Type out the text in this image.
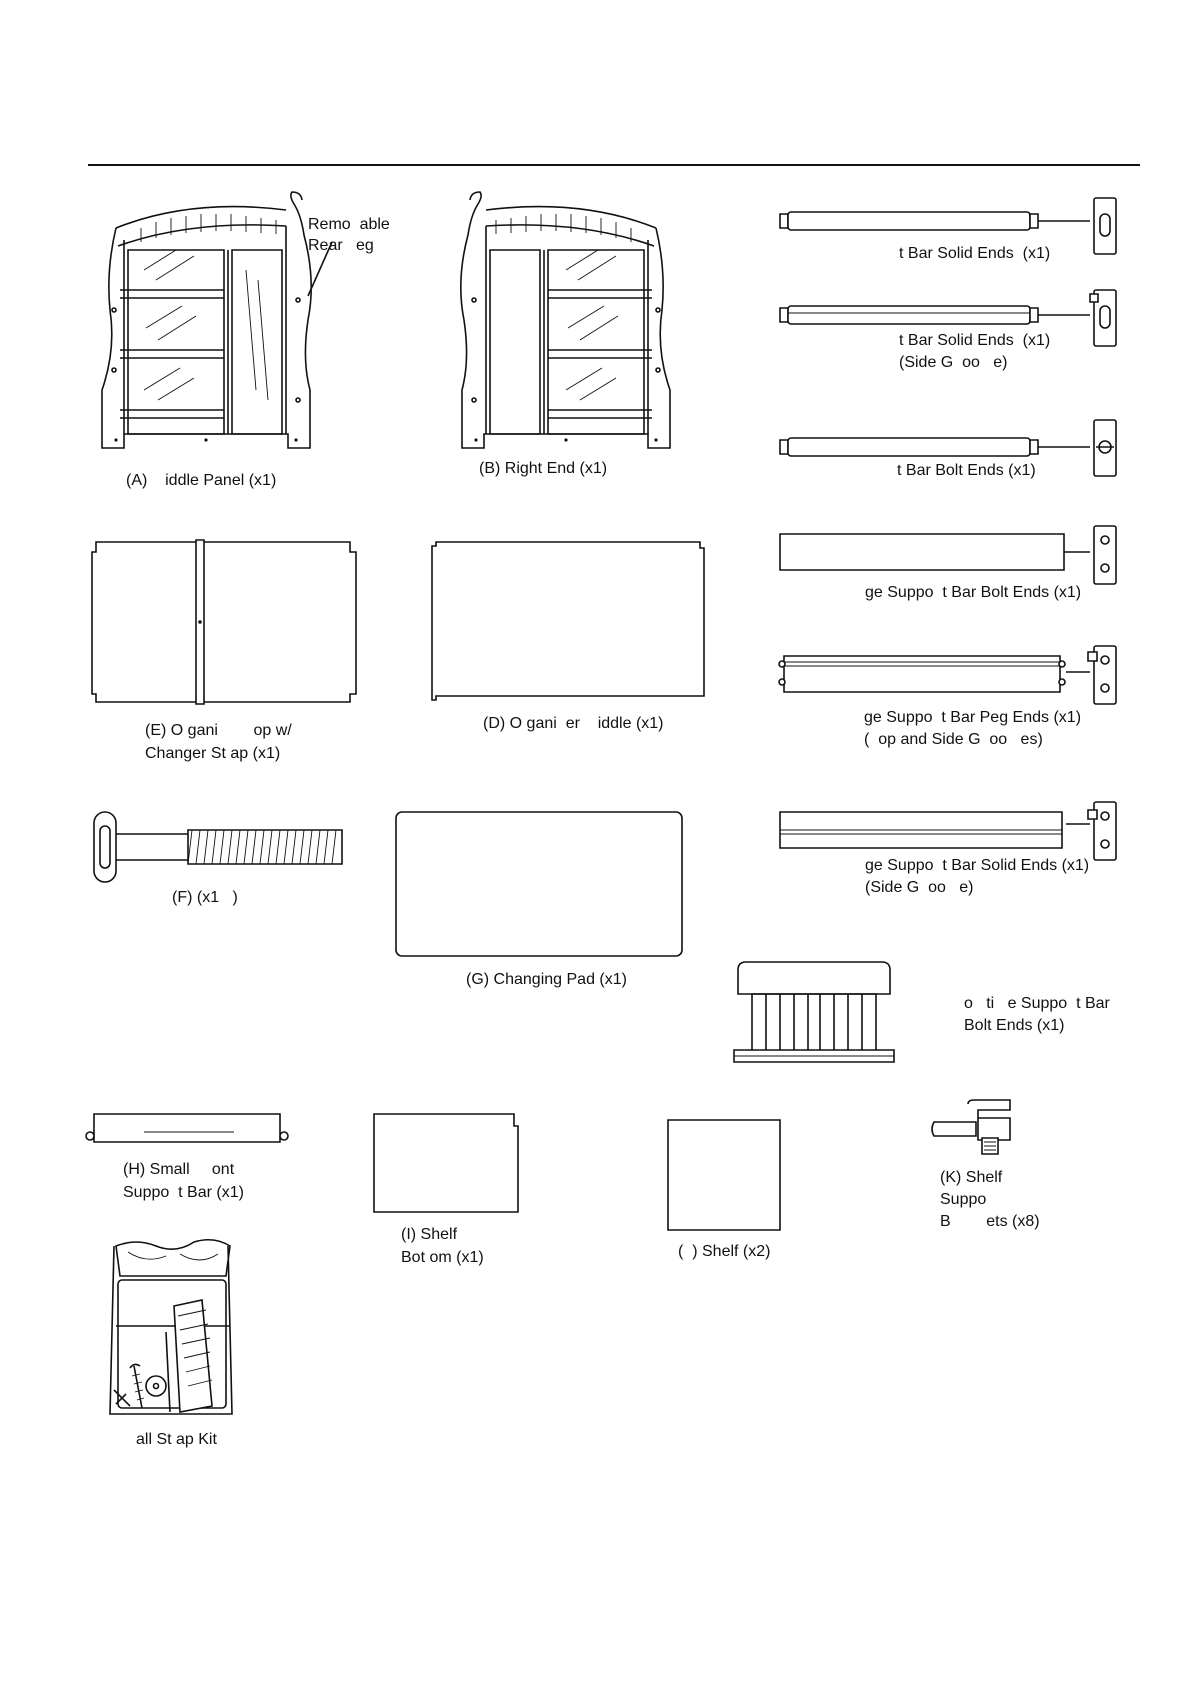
Remo  able
Rear   eg
(A)    iddle Panel (x1)
(B) Right End (x1)
t Bar Solid Ends  (x1)
t Bar Solid Ends  (x1)
(Side G  oo   e)
t Bar Bolt Ends (x1)
ge Suppo  t Bar Bolt Ends (x1)
ge Suppo  t Bar Peg Ends (x1)
(  op and Side G  oo   es)
ge Suppo  t Bar Solid Ends (x1)
(Side G  oo   e)
(E) O gani        op w/
Changer St ap (x1)
(D) O gani  er    iddle (x1)
(F) (x1   )
(G) Changing Pad (x1)
o   ti   e Suppo  t Bar
Bolt Ends (x1)
(H) Small     ont
Suppo  t Bar (x1)
(I) Shelf
Bot om (x1)	(  ) Shelf (x2)
(K) Shelf
Suppo
B        ets (x8)
all St ap Kit
